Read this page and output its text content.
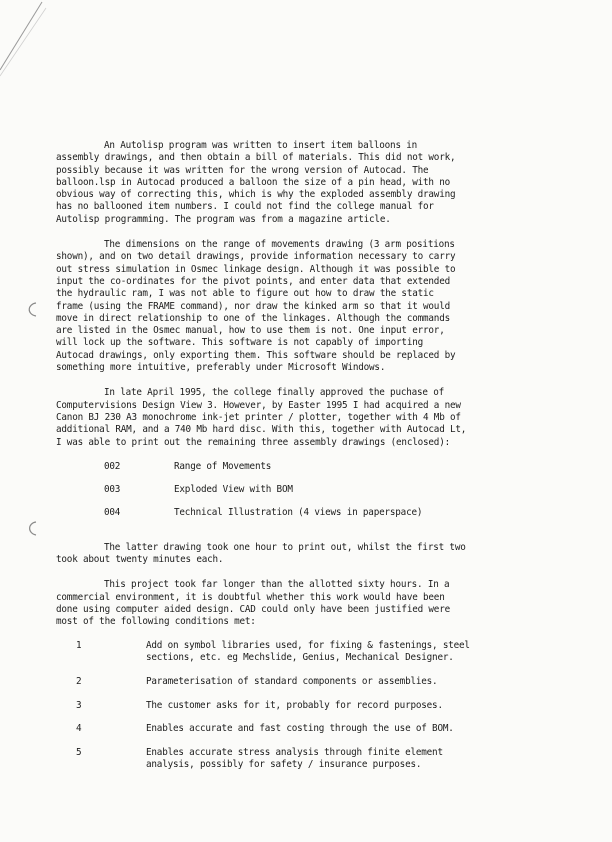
An Autolisp program was written to insert item balloons in
assembly drawings, and then obtain a bill of materials. This did not work,
possibly because it was written for the wrong version of Autocad. The
balloon.lsp in Autocad produced a balloon the size of a pin head, with no
obvious way of correcting this, which is why the exploded assembly drawing
has no ballooned item numbers. I could not find the college manual for
Autolisp programming. The program was from a magazine article.
The dimensions on the range of movements drawing (3 arm positions
shown), and on two detail drawings, provide information necessary to carry
out stress simulation in Osmec linkage design. Although it was possible to
input the co-ordinates for the pivot points, and enter data that extended
the hydraulic ram, I was not able to figure out how to draw the static
frame (using the FRAME command), nor draw the kinked arm so that it would
move in direct relationship to one of the linkages. Although the commands
are listed in the Osmec manual, how to use them is not. One input error,
will lock up the software. This software is not capably of importing
Autocad drawings, only exporting them. This software should be replaced by
something more intuitive, preferably under Microsoft Windows.
In late April 1995, the college finally approved the puchase of
Computervisions Design View 3. However, by Easter 1995 I had acquired a new
Canon BJ 230 A3 monochrome ink-jet printer / plotter, together with 4 Mb of
additional RAM, and a 740 Mb hard disc. With this, together with Autocad Lt,
I was able to print out the remaining three assembly drawings (enclosed):
002	Range of Movements
003	Exploded View with BOM
004	Technical Illustration (4 views in paperspace)
The latter drawing took one hour to print out, whilst the first two
took about twenty minutes each.
This project took far longer than the allotted sixty hours. In a
commercial environment, it is doubtful whether this work would have been
done using computer aided design. CAD could only have been justified were
most of the following conditions met:
1	Add on symbol libraries used, for fixing & fastenings, steel
sections, etc. eg Mechslide, Genius, Mechanical Designer.
2	Parameterisation of standard components or assemblies.
3	The customer asks for it, probably for record purposes.
4	Enables accurate and fast costing through the use of BOM.
5	Enables accurate stress analysis through finite element
analysis, possibly for safety / insurance purposes.
